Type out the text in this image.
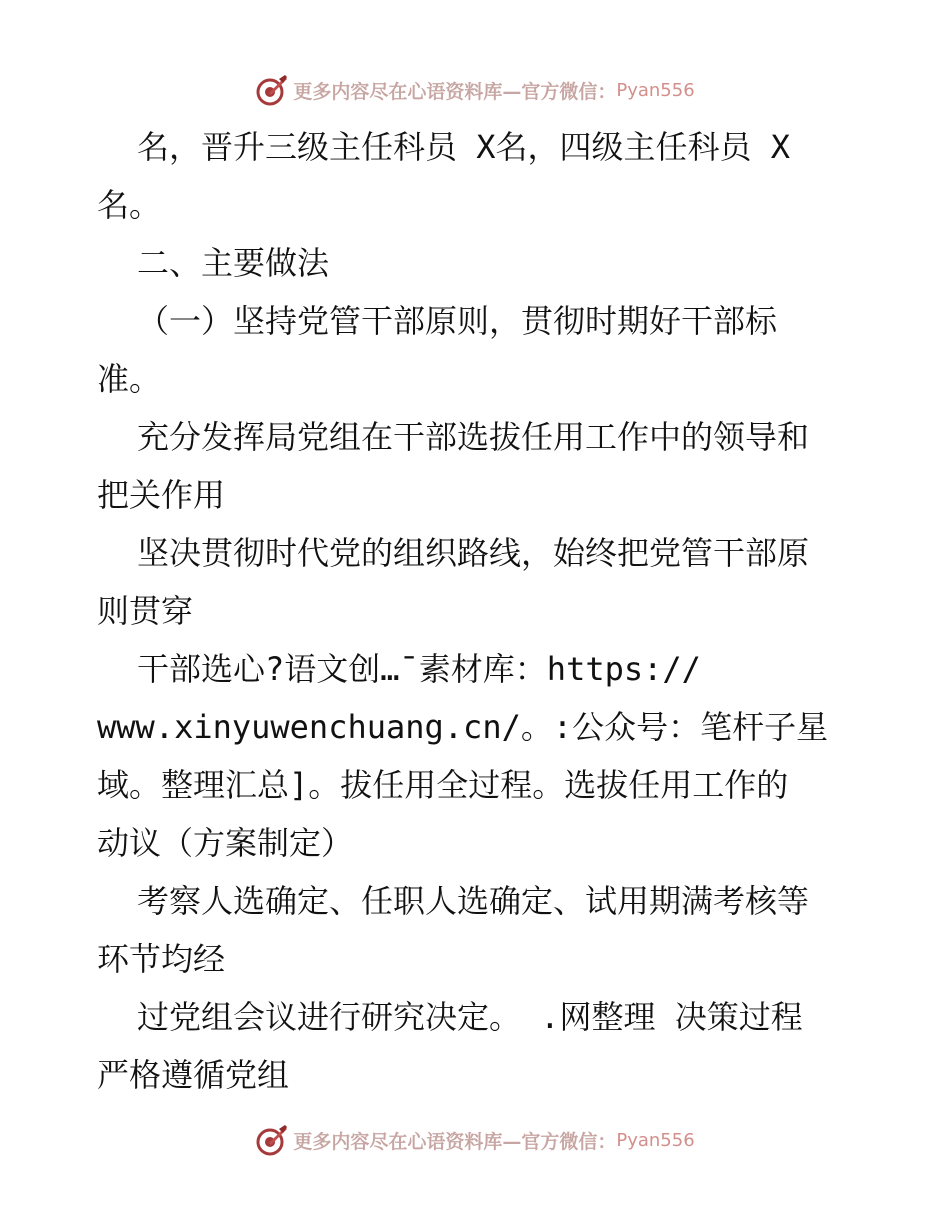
更多内容尽在心语资料库—官方微信： Pyan556
名，晋升三级主任科员 X名，四级主任科员 X
名。
二、主要做法
（一）坚持党管干部原则，贯彻时期好干部标
准。
充分发挥局党组在干部选拔任用工作中的领导和
把关作用
坚决贯彻时代党的组织路线，始终把党管干部原
则贯穿
干部选心?语文创…¯素材库：https://
www.xinyuwenchuang.cn/。:公众号：笔杆子星
域。整理汇总]。拔任用全过程。选拔任用工作的
动议（方案制定）
考察人选确定、任职人选确定、试用期满考核等
环节均经
过党组会议进行研究决定。 .网整理 决策过程
严格遵循党组
更多内容尽在心语资料库—官方微信： Pyan556
